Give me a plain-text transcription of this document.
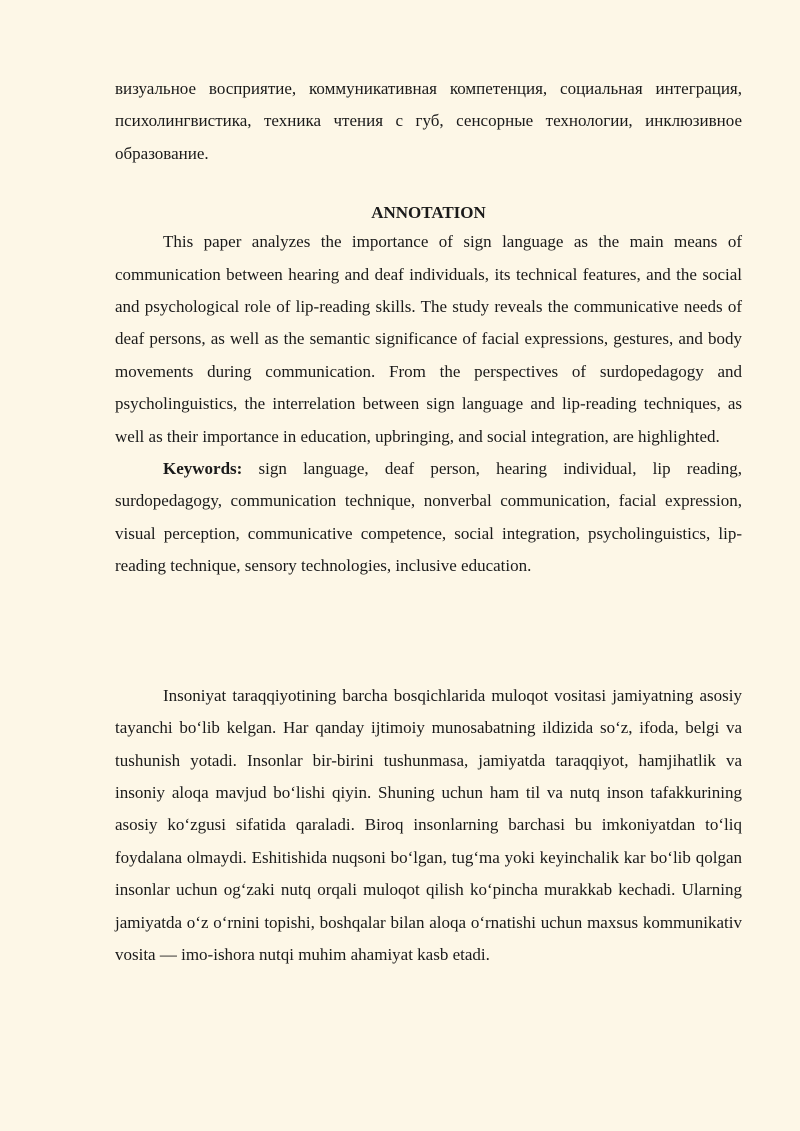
визуальное восприятие, коммуникативная компетенция, социальная интеграция, психолингвистика, техника чтения с губ, сенсорные технологии, инклюзивное образование.

ANNOTATION

This paper analyzes the importance of sign language as the main means of communication between hearing and deaf individuals, its technical features, and the social and psychological role of lip-reading skills. The study reveals the communicative needs of deaf persons, as well as the semantic significance of facial expressions, gestures, and body movements during communication. From the perspectives of surdopedagogy and psycholinguistics, the interrelation between sign language and lip-reading techniques, as well as their importance in education, upbringing, and social integration, are highlighted.

Keywords: sign language, deaf person, hearing individual, lip reading, surdopedagogy, communication technique, nonverbal communication, facial expression, visual perception, communicative competence, social integration, psycholinguistics, lip-reading technique, sensory technologies, inclusive education.

Insoniyat taraqqiyotining barcha bosqichlarida muloqot vositasi jamiyatning asosiy tayanchi boʻlib kelgan. Har qanday ijtimoiy munosabatning ildizida soʻz, ifoda, belgi va tushunish yotadi. Insonlar bir-birini tushunmasa, jamiyatda taraqqiyot, hamjihatlik va insoniy aloqa mavjud boʻlishi qiyin. Shuning uchun ham til va nutq inson tafakkurining asosiy koʻzgusi sifatida qaraladi. Biroq insonlarning barchasi bu imkoniyatdan toʻliq foydalana olmaydi. Eshitishida nuqsoni boʻlgan, tugʻma yoki keyinchalik kar boʻlib qolgan insonlar uchun ogʻzaki nutq orqali muloqot qilish koʻpincha murakkab kechadi. Ularning jamiyatda oʻz oʻrnini topishi, boshqalar bilan aloqa oʻrnatishi uchun maxsus kommunikativ vosita — imo-ishora nutqi muhim ahamiyat kasb etadi.
